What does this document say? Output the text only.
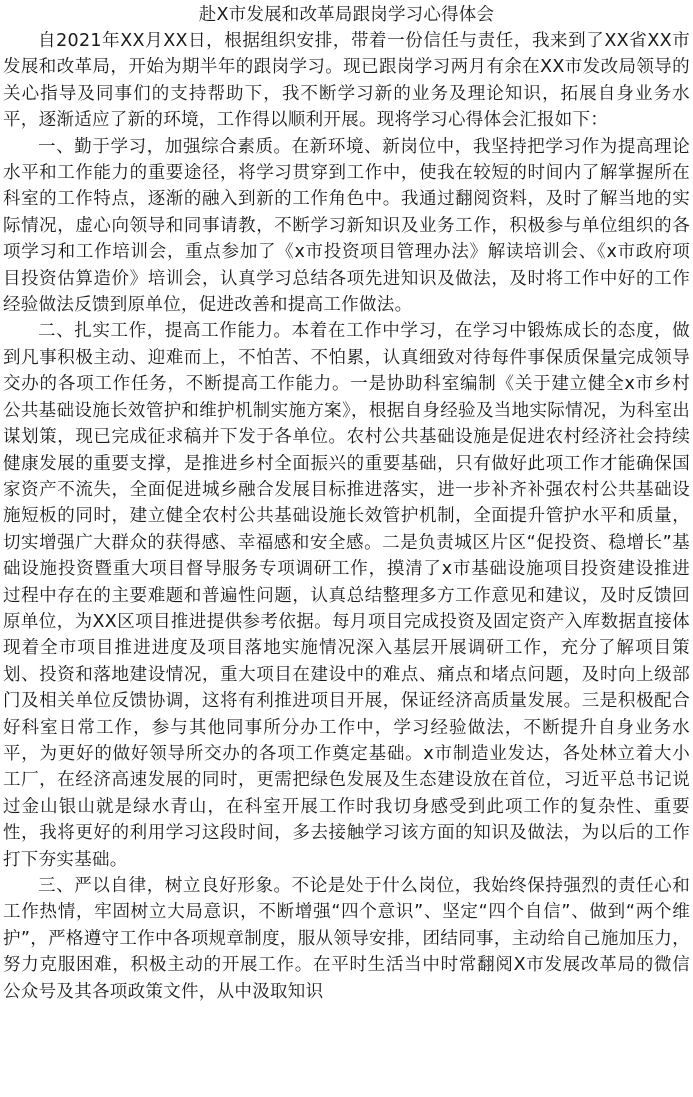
赴X市发展和改革局跟岗学习心得体会

自2021年XX月XX日，根据组织安排，带着一份信任与责任，我来到了XX省XX市发展和改革局，开始为期半年的跟岗学习。现已跟岗学习两月有余在XX市发改局领导的关心指导及同事们的支持帮助下，我不断学习新的业务及理论知识，拓展自身业务水平，逐渐适应了新的环境，工作得以顺利开展。现将学习心得体会汇报如下：

一、勤于学习，加强综合素质。在新环境、新岗位中，我坚持把学习作为提高理论水平和工作能力的重要途径，将学习贯穿到工作中，使我在较短的时间内了解掌握所在科室的工作特点，逐渐的融入到新的工作角色中。我通过翻阅资料，及时了解当地的实际情况，虚心向领导和同事请教，不断学习新知识及业务工作，积极参与单位组织的各项学习和工作培训会，重点参加了《x市投资项目管理办法》解读培训会、《x市政府项目投资估算造价》培训会，认真学习总结各项先进知识及做法，及时将工作中好的工作经验做法反馈到原单位，促进改善和提高工作做法。

二、扎实工作，提高工作能力。本着在工作中学习，在学习中锻炼成长的态度，做到凡事积极主动、迎难而上，不怕苦、不怕累，认真细致对待每件事保质保量完成领导交办的各项工作任务，不断提高工作能力。一是协助科室编制《关于建立健全x市乡村公共基础设施长效管护和维护机制实施方案》，根据自身经验及当地实际情况，为科室出谋划策，现已完成征求稿并下发于各单位。农村公共基础设施是促进农村经济社会持续健康发展的重要支撑，是推进乡村全面振兴的重要基础，只有做好此项工作才能确保国家资产不流失，全面促进城乡融合发展目标推进落实，进一步补齐补强农村公共基础设施短板的同时，建立健全农村公共基础设施长效管护机制，全面提升管护水平和质量，切实增强广大群众的获得感、幸福感和安全感。二是负责城区片区“促投资、稳增长”基础设施投资暨重大项目督导服务专项调研工作，摸清了x市基础设施项目投资建设推进过程中存在的主要难题和普遍性问题，认真总结整理多方工作意见和建议，及时反馈回原单位，为XX区项目推进提供参考依据。每月项目完成投资及固定资产入库数据直接体现着全市项目推进进度及项目落地实施情况深入基层开展调研工作，充分了解项目策划、投资和落地建设情况，重大项目在建设中的难点、痛点和堵点问题，及时向上级部门及相关单位反馈协调，这将有利推进项目开展，保证经济高质量发展。三是积极配合好科室日常工作，参与其他同事所分办工作中，学习经验做法，不断提升自身业务水平，为更好的做好领导所交办的各项工作奠定基础。x市制造业发达，各处林立着大小工厂，在经济高速发展的同时，更需把绿色发展及生态建设放在首位，习近平总书记说过金山银山就是绿水青山，在科室开展工作时我切身感受到此项工作的复杂性、重要性，我将更好的利用学习这段时间，多去接触学习该方面的知识及做法，为以后的工作打下夯实基础。

三、严以自律，树立良好形象。不论是处于什么岗位，我始终保持强烈的责任心和工作热情，牢固树立大局意识，不断增强“四个意识”、坚定“四个自信”、做到“两个维护”，严格遵守工作中各项规章制度，服从领导安排，团结同事，主动给自己施加压力，努力克服困难，积极主动的开展工作。在平时生活当中时常翻阅X市发展改革局的微信公众号及其各项政策文件，从中汲取知识
